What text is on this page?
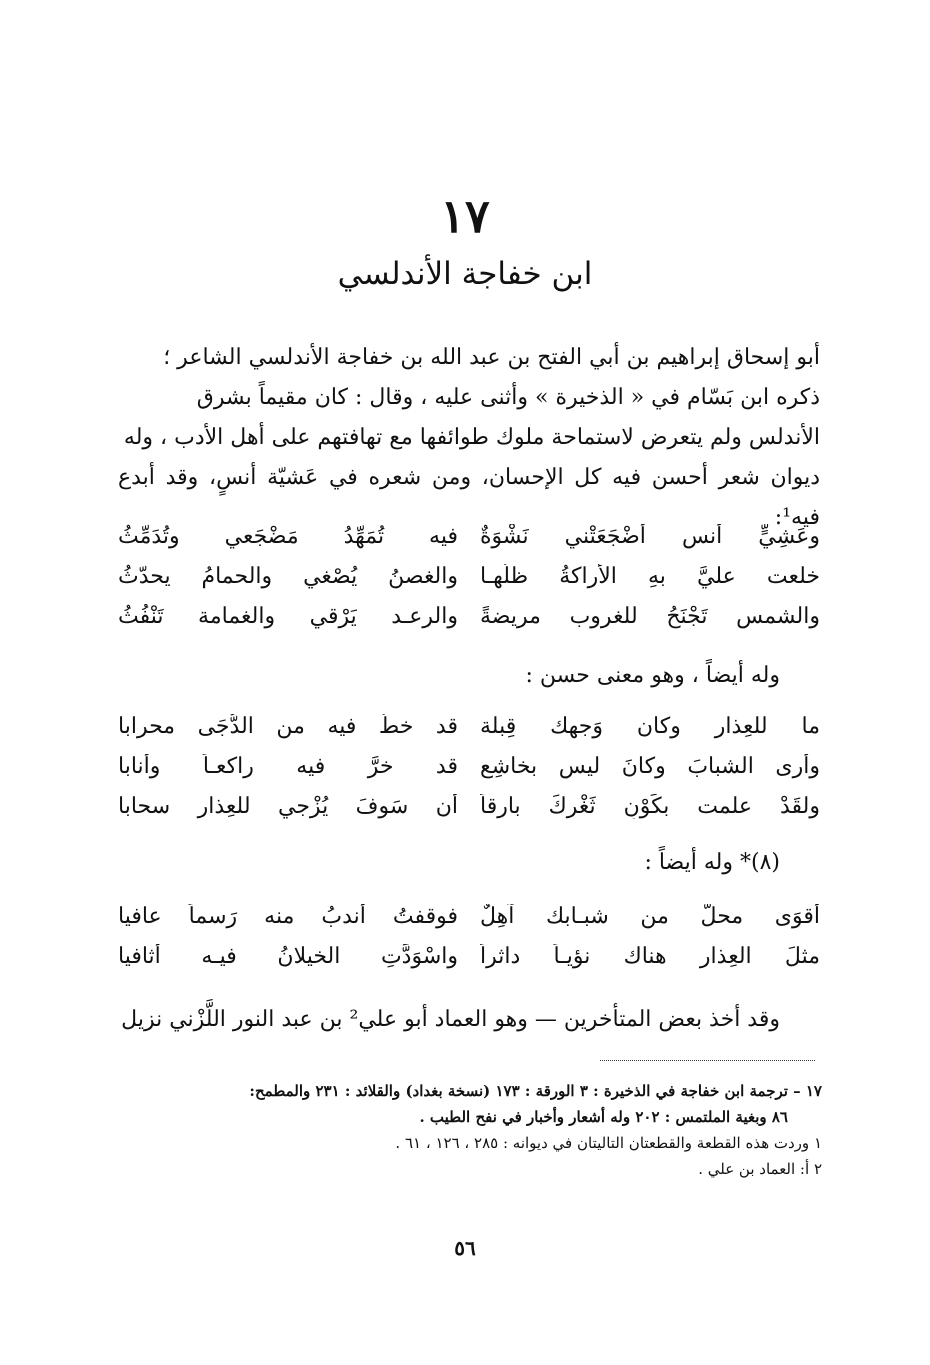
١٧
ابن خفاجة الأندلسي

أبو إسحاق إبراهيم بن أبي الفتح بن عبد الله بن خفاجة الأندلسي الشاعر ؛

ذكره ابن بَسّام في « الذخيرة » وأثنى عليه ، وقال : كان مقيماً بشرق

الأندلس ولم يتعرض لاستماحة ملوك طوائفها مع تهافتهم على أهل الأدب ، وله

ديوان شعر أحسن فيه كل الإحسان، ومن شعره في عَشيّة أنسٍ، وقد أبدع فيه¹:

وعَشِيٍّ أنسٍ أضْجَعَتْني نَشْوَةٌ
فيه تُمَهِّدُ مَضْجَعي وتُدَمِّثُ
خلعت عليَّ بهِ الأراكةُ ظلَّهـا
والغصنُ يُصْغي والحمامُ يحدّثُ
والشمس تَجْنَحُ للغروب مريضةً
والرعـد يَرْقي والغمامة تَنْفُثُ
وله أيضاً ، وهو معنى حسن :
ما للعِذار وكان وَجهك قِبلة
قد خطَّ فيه من الدُّجَى محرابا
وأرى الشبابَ وكانَ ليس بخاشِعٍ
قد خرَّ فيه راكعـاً وأنابا
ولقَدْ علمت بكَوْنِ ثَغْرِكَ بارقاً
أن سَوفَ يُزْجي للعِذار سحابا
(٨)* وله أيضاً :
أقوَى محلٌّ من شبـابك آهِلٌ
فوقفتُ أندبُ منه رَسماً عافيا
مثلَ العِذار هناك نؤيـاً داثراً
واسْوَدَّتِ الخيلانُ فيـه أثافيا
وقد أخذ بعض المتأخرين — وهو العماد أبو علي² بن عبد النور اللَّزْني نزيل

١٧ – ترجمة ابن خفاجة في الذخيرة : ٣ الورقة : ١٧٣ (نسخة بغداد) والقلائد : ٢٣١ والمطمح:

٨٦ وبغية الملتمس : ٢٠٢ وله أشعار وأخبار في نفح الطيب .

١ وردت هذه القطعة والقطعتان التاليتان في ديوانه : ٢٨٥ ، ١٢٦ ، ٦١ .

٢ أ: العماد بن علي .

٥٦
